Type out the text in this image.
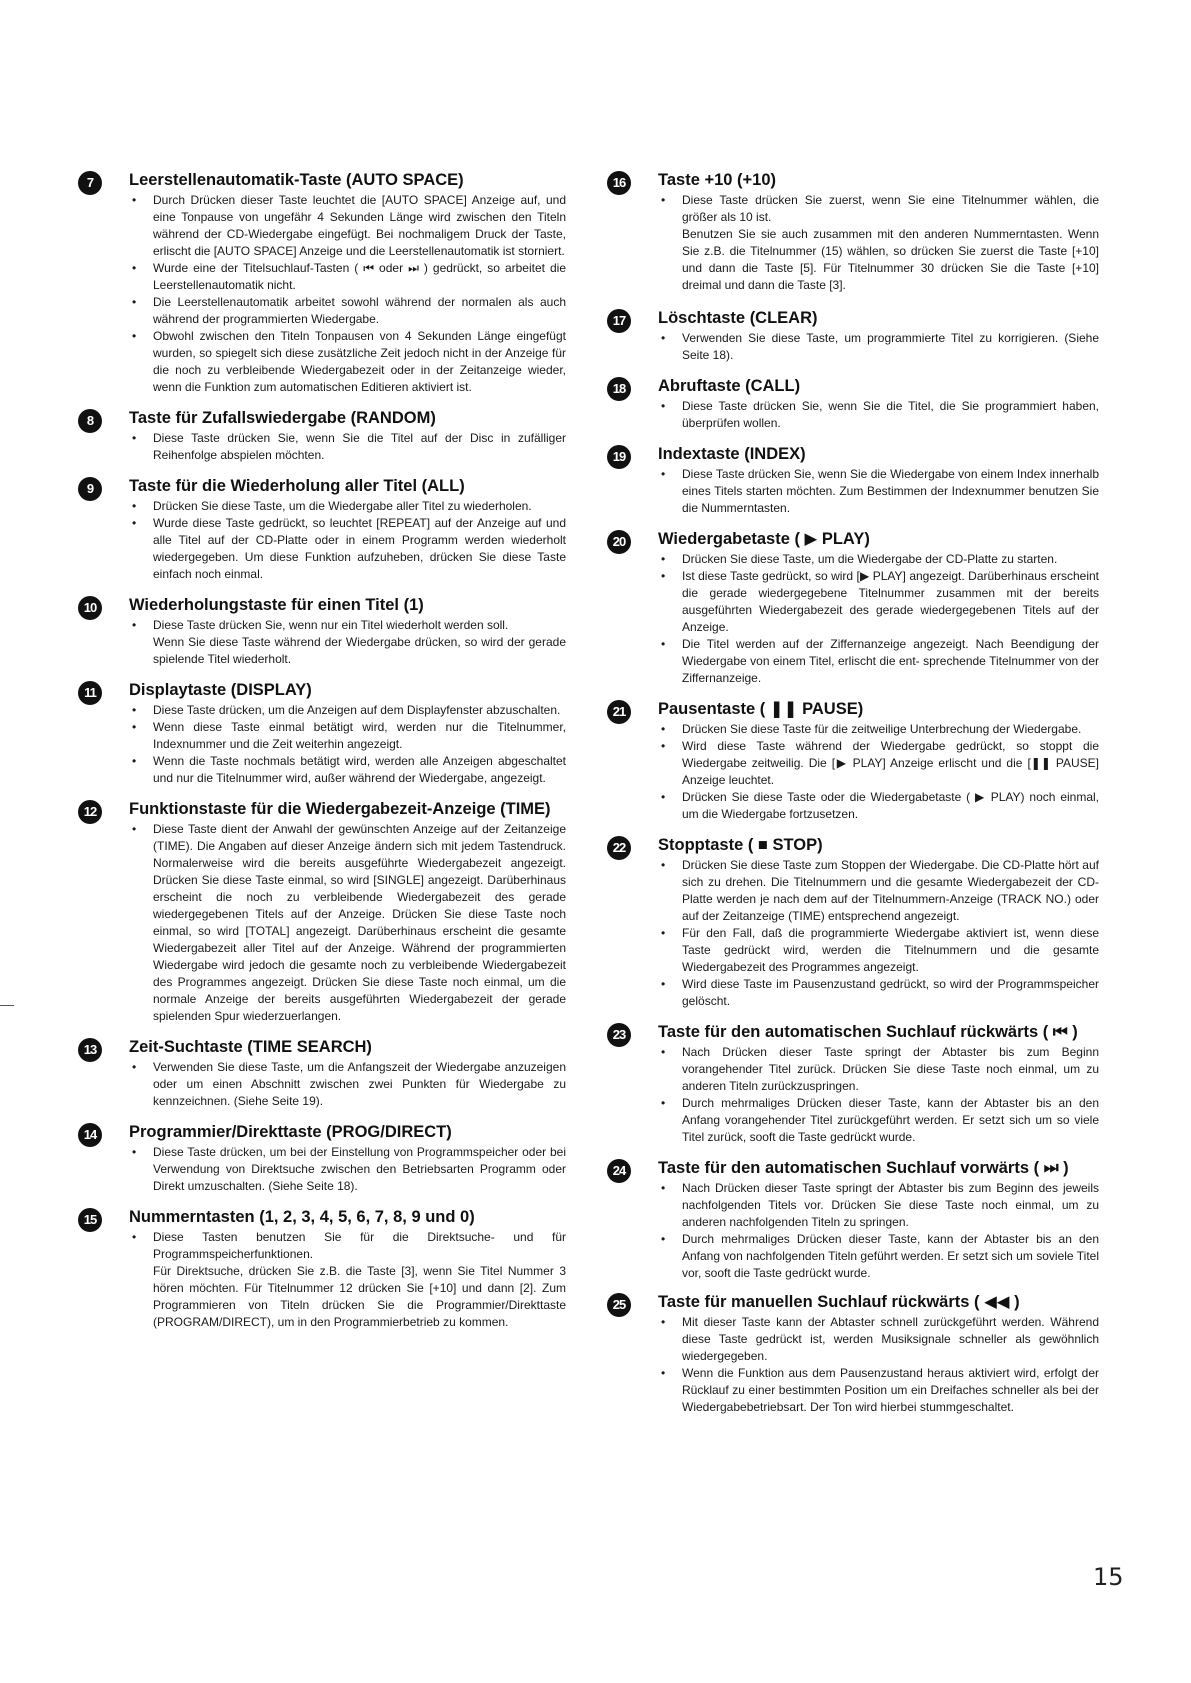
7	Leerstellenautomatik-Taste (AUTO SPACE)

• Durch Drücken dieser Taste leuchtet die [AUTO SPACE] Anzeige auf, und eine Tonpause von ungefähr 4 Sekunden Länge wird zwischen den Titeln während der CD-Wiedergabe eingefügt. Bei nochmaligem Druck der Taste, erlischt die [AUTO SPACE] Anzeige und die Leerstellenautomatik ist storniert.

• Wurde eine der Titelsuchlauf-Tasten ( ⏮ oder ⏭ ) gedrückt, so arbeitet die Leerstellenautomatik nicht.

• Die Leerstellenautomatik arbeitet sowohl während der normalen als auch während der programmierten Wiedergabe.

• Obwohl zwischen den Titeln Tonpausen von 4 Sekunden Länge eingefügt wurden, so spiegelt sich diese zusätzliche Zeit jedoch nicht in der Anzeige für die noch zu verbleibende Wiedergabezeit oder in der Zeitanzeige wieder, wenn die Funktion zum automatischen Editieren aktiviert ist.

8	Taste für Zufallswiedergabe (RANDOM)

• Diese Taste drücken Sie, wenn Sie die Titel auf der Disc in zufälliger Reihenfolge abspielen möchten.

9	Taste für die Wiederholung aller Titel (ALL)

• Drücken Sie diese Taste, um die Wiedergabe aller Titel zu wiederholen.

• Wurde diese Taste gedrückt, so leuchtet [REPEAT] auf der Anzeige auf und alle Titel auf der CD-Platte oder in einem Programm werden wiederholt wiedergegeben. Um diese Funktion aufzuheben, drücken Sie diese Taste einfach noch einmal.

10	Wiederholungstaste für einen Titel (1)

• Diese Taste drücken Sie, wenn nur ein Titel wiederholt werden soll.

Wenn Sie diese Taste während der Wiedergabe drücken, so wird der gerade spielende Titel wiederholt.

11	Displaytaste (DISPLAY)

• Diese Taste drücken, um die Anzeigen auf dem Displayfenster abzuschalten.

• Wenn diese Taste einmal betätigt wird, werden nur die Titelnummer, Indexnummer und die Zeit weiterhin angezeigt.

• Wenn die Taste nochmals betätigt wird, werden alle Anzeigen abgeschaltet und nur die Titelnummer wird, außer während der Wiedergabe, angezeigt.

12	Funktionstaste für die Wiedergabezeit-Anzeige (TIME)

• Diese Taste dient der Anwahl der gewünschten Anzeige auf der Zeitanzeige (TIME). Die Angaben auf dieser Anzeige ändern sich mit jedem Tastendruck. Normalerweise wird die bereits ausgeführte Wiedergabezeit angezeigt. Drücken Sie diese Taste einmal, so wird [SINGLE] angezeigt. Darüberhinaus erscheint die noch zu verbleibende Wiedergabezeit des gerade wiedergegebenen Titels auf der Anzeige. Drücken Sie diese Taste noch einmal, so wird [TOTAL] angezeigt. Darüberhinaus erscheint die gesamte Wiedergabezeit aller Titel auf der Anzeige. Während der programmierten Wiedergabe wird jedoch die gesamte noch zu verbleibende Wiedergabezeit des Programmes angezeigt. Drücken Sie diese Taste noch einmal, um die normale Anzeige der bereits ausgeführten Wiedergabezeit der gerade spielenden Spur wiederzuerlangen.

13	Zeit-Suchtaste (TIME SEARCH)

• Verwenden Sie diese Taste, um die Anfangszeit der Wiedergabe anzuzeigen oder um einen Abschnitt zwischen zwei Punkten für Wiedergabe zu kennzeichnen. (Siehe Seite 19).

14	Programmier/Direkttaste (PROG/DIRECT)

• Diese Taste drücken, um bei der Einstellung von Programmspeicher oder bei Verwendung von Direktsuche zwischen den Betriebsarten Programm oder Direkt umzuschalten. (Siehe Seite 18).

15	Nummerntasten (1, 2, 3, 4, 5, 6, 7, 8, 9 und 0)

• Diese Tasten benutzen Sie für die Direktsuche- und für Programmspeicherfunktionen.

Für Direktsuche, drücken Sie z.B. die Taste [3], wenn Sie Titel Nummer 3 hören möchten. Für Titelnummer 12 drücken Sie [+10] und dann [2]. Zum Programmieren von Titeln drücken Sie die Programmier/Direkttaste (PROGRAM/DIRECT), um in den Programmierbetrieb zu kommen.

16	Taste +10 (+10)

• Diese Taste drücken Sie zuerst, wenn Sie eine Titelnummer wählen, die größer als 10 ist.

Benutzen Sie sie auch zusammen mit den anderen Nummerntasten. Wenn Sie z.B. die Titelnummer (15) wählen, so drücken Sie zuerst die Taste [+10] und dann die Taste [5]. Für Titelnummer 30 drücken Sie die Taste [+10] dreimal und dann die Taste [3].

17	Löschtaste (CLEAR)

• Verwenden Sie diese Taste, um programmierte Titel zu korrigieren. (Siehe Seite 18).

18	Abruftaste (CALL)

• Diese Taste drücken Sie, wenn Sie die Titel, die Sie programmiert haben, überprüfen wollen.

19	Indextaste (INDEX)

• Diese Taste drücken Sie, wenn Sie die Wiedergabe von einem Index innerhalb eines Titels starten möchten. Zum Bestimmen der Indexnummer benutzen Sie die Nummerntasten.

20	Wiedergabetaste ( ▶ PLAY)

• Drücken Sie diese Taste, um die Wiedergabe der CD-Platte zu starten.

• Ist diese Taste gedrückt, so wird [▶ PLAY] angezeigt. Darüberhinaus erscheint die gerade wiedergegebene Titelnummer zusammen mit der bereits ausgeführten Wiedergabezeit des gerade wiedergegebenen Titels auf der Anzeige.

• Die Titel werden auf der Ziffernanzeige angezeigt. Nach Beendigung der Wiedergabe von einem Titel, erlischt die ent- sprechende Titelnummer von der Ziffernanzeige.

21	Pausentaste ( ❚❚ PAUSE)

• Drücken Sie diese Taste für die zeitweilige Unterbrechung der Wiedergabe.

• Wird diese Taste während der Wiedergabe gedrückt, so stoppt die Wiedergabe zeitweilig. Die [▶ PLAY] Anzeige erlischt und die [❚❚ PAUSE] Anzeige leuchtet.

• Drücken Sie diese Taste oder die Wiedergabetaste ( ▶ PLAY) noch einmal, um die Wiedergabe fortzusetzen.

22	Stopptaste ( ■ STOP)

• Drücken Sie diese Taste zum Stoppen der Wiedergabe. Die CD-Platte hört auf sich zu drehen. Die Titelnummern und die gesamte Wiedergabezeit der CD-Platte werden je nach dem auf der Titelnummern-Anzeige (TRACK NO.) oder auf der Zeitanzeige (TIME) entsprechend angezeigt.

• Für den Fall, daß die programmierte Wiedergabe aktiviert ist, wenn diese Taste gedrückt wird, werden die Titelnummern und die gesamte Wiedergabezeit des Programmes angezeigt.

• Wird diese Taste im Pausenzustand gedrückt, so wird der Programmspeicher gelöscht.

23	Taste für den automatischen Suchlauf rückwärts ( ⏮ )

• Nach Drücken dieser Taste springt der Abtaster bis zum Beginn vorangehender Titel zurück. Drücken Sie diese Taste noch einmal, um zu anderen Titeln zurückzuspringen.

• Durch mehrmaliges Drücken dieser Taste, kann der Abtaster bis an den Anfang vorangehender Titel zurückgeführt werden. Er setzt sich um so viele Titel zurück, sooft die Taste gedrückt wurde.

24	Taste für den automatischen Suchlauf vorwärts ( ⏭ )

• Nach Drücken dieser Taste springt der Abtaster bis zum Beginn des jeweils nachfolgenden Titels vor. Drücken Sie diese Taste noch einmal, um zu anderen nachfolgenden Titeln zu springen.

• Durch mehrmaliges Drücken dieser Taste, kann der Abtaster bis an den Anfang von nachfolgenden Titeln geführt werden. Er setzt sich um soviele Titel vor, sooft die Taste gedrückt wurde.

25	Taste für manuellen Suchlauf rückwärts ( ◀◀ )

• Mit dieser Taste kann der Abtaster schnell zurückgeführt werden. Während diese Taste gedrückt ist, werden Musiksignale schneller als gewöhnlich wiedergegeben.

• Wenn die Funktion aus dem Pausenzustand heraus aktiviert wird, erfolgt der Rücklauf zu einer bestimmten Position um ein Dreifaches schneller als bei der Wiedergabebetriebsart. Der Ton wird hierbei stummgeschaltet.

15
